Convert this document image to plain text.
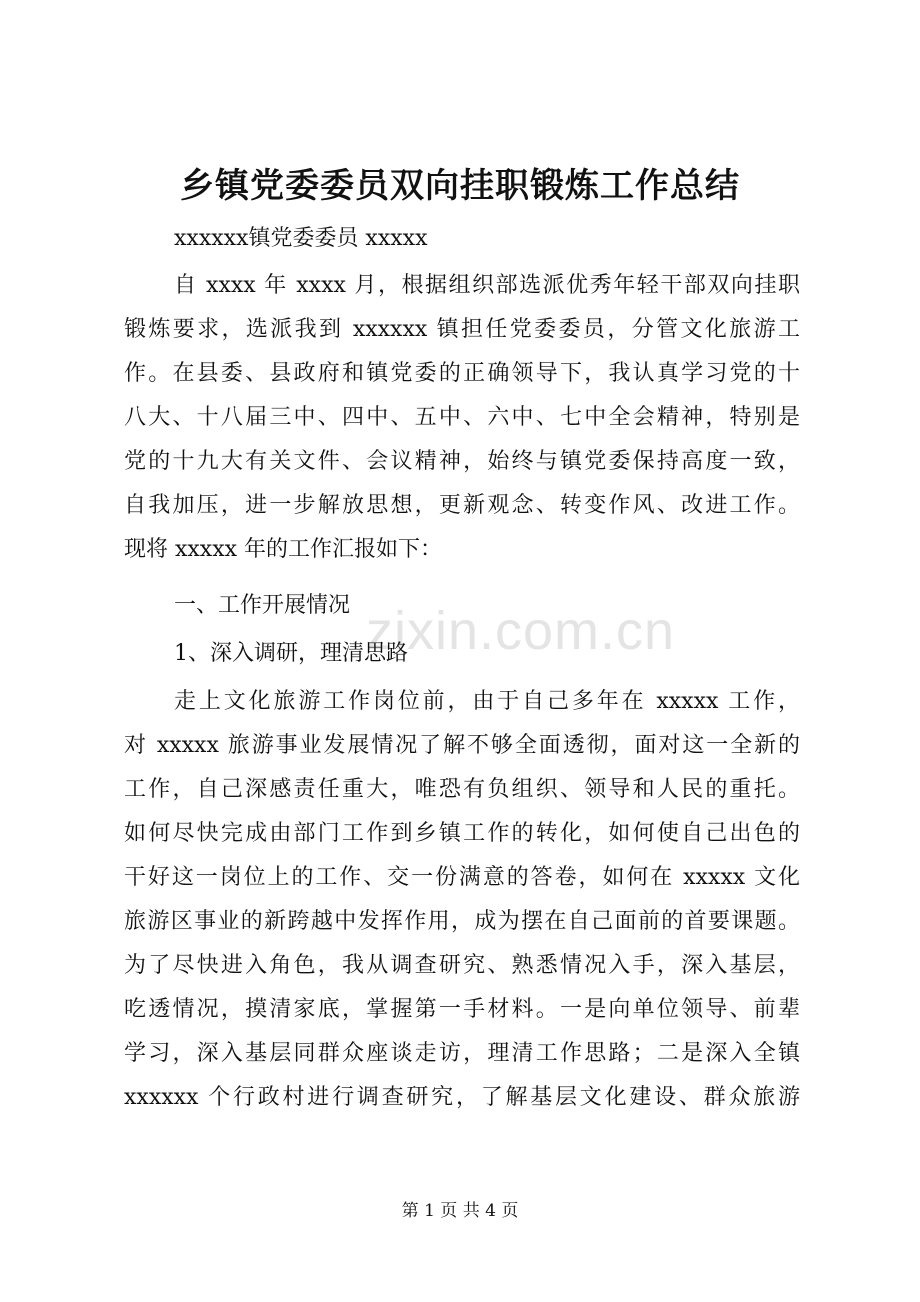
zixin.com.cn
乡镇党委委员双向挂职锻炼工作总结
xxxxxx镇党委委员 xxxxx
自 xxxx 年 xxxx 月，根据组织部选派优秀年轻干部双向挂职
锻炼要求，选派我到 xxxxxx 镇担任党委委员，分管文化旅游工
作。在县委、县政府和镇党委的正确领导下，我认真学习党的十
八大、十八届三中、四中、五中、六中、七中全会精神，特别是
党的十九大有关文件、会议精神，始终与镇党委保持高度一致，
自我加压，进一步解放思想，更新观念、转变作风、改进工作。
现将 xxxxx 年的工作汇报如下：
一、工作开展情况
1、深入调研，理清思路
走上文化旅游工作岗位前，由于自己多年在 xxxxx 工作，
对 xxxxx 旅游事业发展情况了解不够全面透彻，面对这一全新的
工作，自己深感责任重大，唯恐有负组织、领导和人民的重托。
如何尽快完成由部门工作到乡镇工作的转化，如何使自己出色的
干好这一岗位上的工作、交一份满意的答卷，如何在 xxxxx 文化
旅游区事业的新跨越中发挥作用，成为摆在自己面前的首要课题。
为了尽快进入角色，我从调查研究、熟悉情况入手，深入基层，
吃透情况，摸清家底，掌握第一手材料。一是向单位领导、前辈
学习，深入基层同群众座谈走访，理清工作思路；二是深入全镇
xxxxxx 个行政村进行调查研究，了解基层文化建设、群众旅游
第 1 页 共 4 页
